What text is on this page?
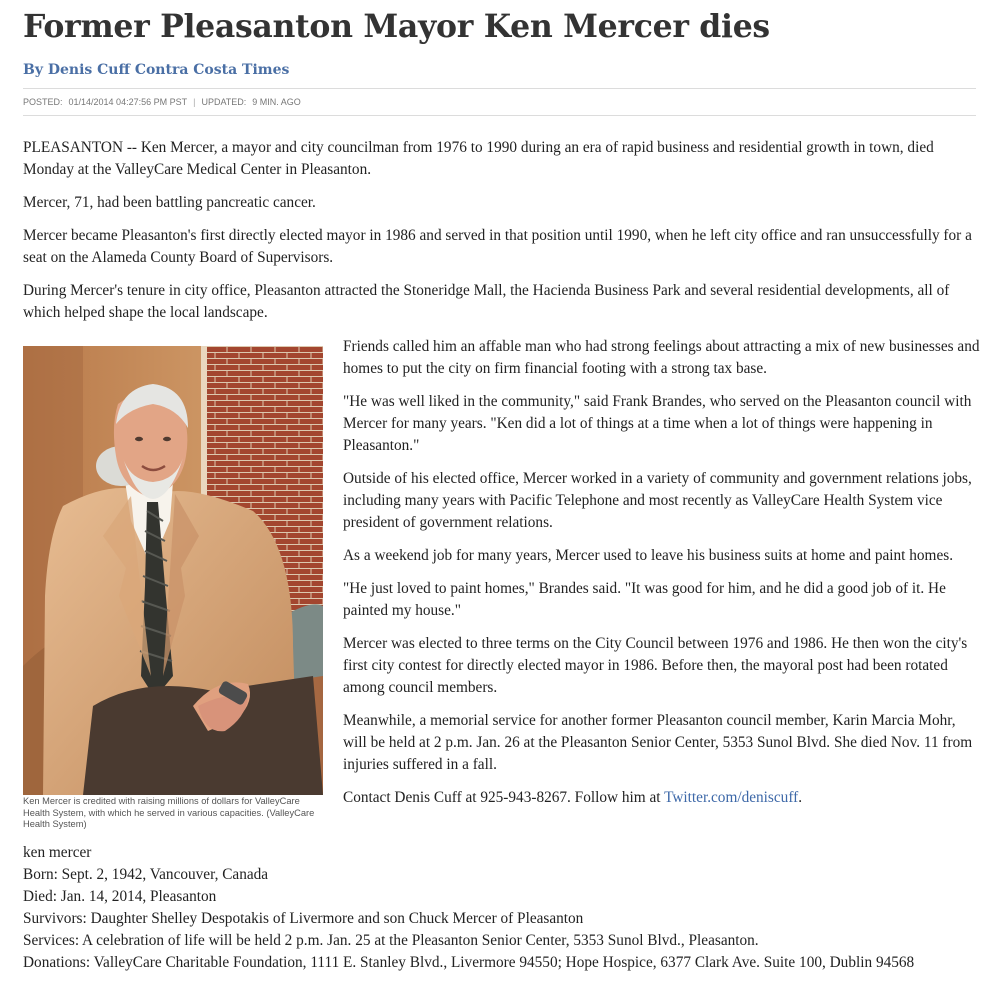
Former Pleasanton Mayor Ken Mercer dies
By Denis Cuff Contra Costa Times
POSTED: 01/14/2014 04:27:56 PM PST | UPDATED: 9 MIN. AGO

PLEASANTON -- Ken Mercer, a mayor and city councilman from 1976 to 1990 during an era of rapid business and residential growth in town, died Monday at the ValleyCare Medical Center in Pleasanton.

Mercer, 71, had been battling pancreatic cancer.

Mercer became Pleasanton's first directly elected mayor in 1986 and served in that position until 1990, when he left city office and ran unsuccessfully for a seat on the Alameda County Board of Supervisors.

During Mercer's tenure in city office, Pleasanton attracted the Stoneridge Mall, the Hacienda Business Park and several residential developments, all of which helped shape the local landscape.

Ken Mercer is credited with raising millions of dollars for ValleyCare Health System, with which he served in various capacities. (ValleyCare Health System)

Friends called him an affable man who had strong feelings about attracting a mix of new businesses and homes to put the city on firm financial footing with a strong tax base.

"He was well liked in the community," said Frank Brandes, who served on the Pleasanton council with Mercer for many years. "Ken did a lot of things at a time when a lot of things were happening in Pleasanton."

Outside of his elected office, Mercer worked in a variety of community and government relations jobs, including many years with Pacific Telephone and most recently as ValleyCare Health System vice president of government relations.

As a weekend job for many years, Mercer used to leave his business suits at home and paint homes.

"He just loved to paint homes," Brandes said. "It was good for him, and he did a good job of it. He painted my house."

Mercer was elected to three terms on the City Council between 1976 and 1986. He then won the city's first city contest for directly elected mayor in 1986. Before then, the mayoral post had been rotated among council members.

Meanwhile, a memorial service for another former Pleasanton council member, Karin Marcia Mohr, will be held at 2 p.m. Jan. 26 at the Pleasanton Senior Center, 5353 Sunol Blvd. She died Nov. 11 from injuries suffered in a fall.

Contact Denis Cuff at 925-943-8267. Follow him at Twitter.com/deniscuff.

ken mercer
Born: Sept. 2, 1942, Vancouver, Canada
Died: Jan. 14, 2014, Pleasanton
Survivors: Daughter Shelley Despotakis of Livermore and son Chuck Mercer of Pleasanton
Services: A celebration of life will be held 2 p.m. Jan. 25 at the Pleasanton Senior Center, 5353 Sunol Blvd., Pleasanton.
Donations: ValleyCare Charitable Foundation, 1111 E. Stanley Blvd., Livermore 94550; Hope Hospice, 6377 Clark Ave. Suite 100, Dublin 94568
